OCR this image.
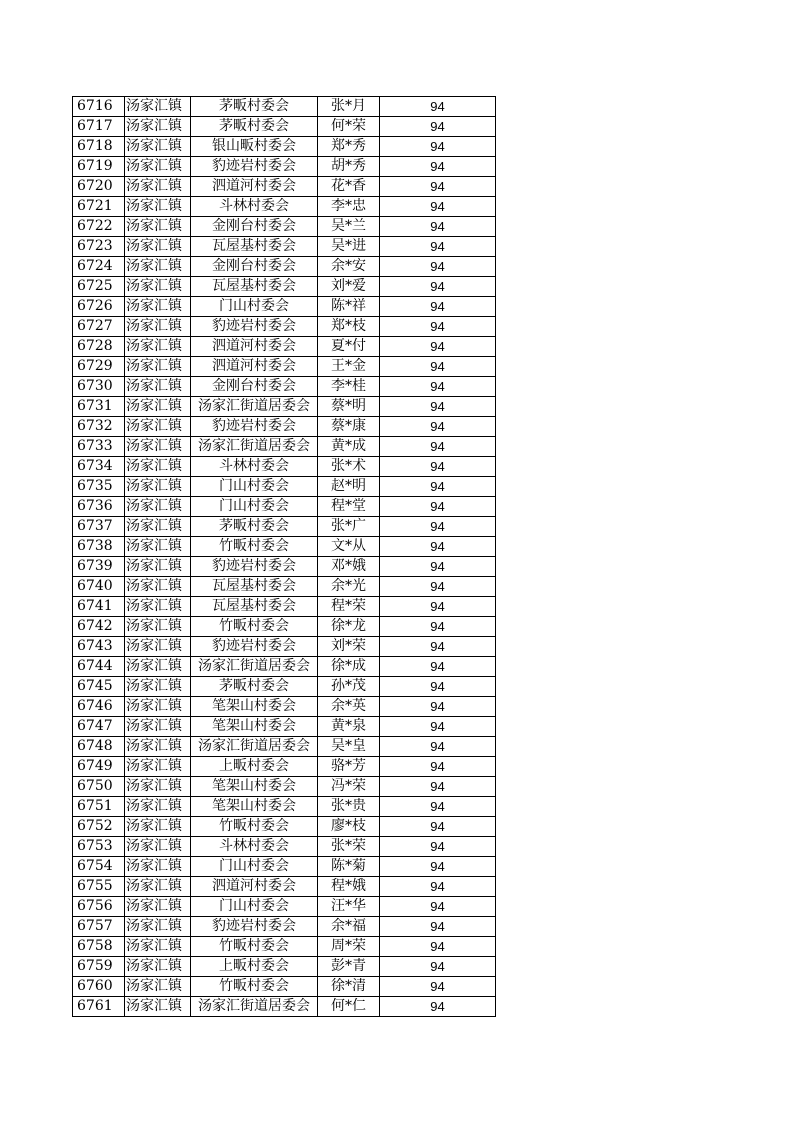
6716	汤家汇镇	茅畈村委会	张*月	94
6717	汤家汇镇	茅畈村委会	何*荣	94
6718	汤家汇镇	银山畈村委会	郑*秀	94
6719	汤家汇镇	豹迹岩村委会	胡*秀	94
6720	汤家汇镇	泗道河村委会	花*香	94
6721	汤家汇镇	斗林村委会	李*忠	94
6722	汤家汇镇	金刚台村委会	吴*兰	94
6723	汤家汇镇	瓦屋基村委会	吴*进	94
6724	汤家汇镇	金刚台村委会	余*安	94
6725	汤家汇镇	瓦屋基村委会	刘*爱	94
6726	汤家汇镇	门山村委会	陈*祥	94
6727	汤家汇镇	豹迹岩村委会	郑*枝	94
6728	汤家汇镇	泗道河村委会	夏*付	94
6729	汤家汇镇	泗道河村委会	王*金	94
6730	汤家汇镇	金刚台村委会	李*桂	94
6731	汤家汇镇	汤家汇街道居委会	蔡*明	94
6732	汤家汇镇	豹迹岩村委会	蔡*康	94
6733	汤家汇镇	汤家汇街道居委会	黄*成	94
6734	汤家汇镇	斗林村委会	张*术	94
6735	汤家汇镇	门山村委会	赵*明	94
6736	汤家汇镇	门山村委会	程*堂	94
6737	汤家汇镇	茅畈村委会	张*广	94
6738	汤家汇镇	竹畈村委会	文*从	94
6739	汤家汇镇	豹迹岩村委会	邓*娥	94
6740	汤家汇镇	瓦屋基村委会	余*光	94
6741	汤家汇镇	瓦屋基村委会	程*荣	94
6742	汤家汇镇	竹畈村委会	徐*龙	94
6743	汤家汇镇	豹迹岩村委会	刘*荣	94
6744	汤家汇镇	汤家汇街道居委会	徐*成	94
6745	汤家汇镇	茅畈村委会	孙*茂	94
6746	汤家汇镇	笔架山村委会	余*英	94
6747	汤家汇镇	笔架山村委会	黄*泉	94
6748	汤家汇镇	汤家汇街道居委会	吴*皇	94
6749	汤家汇镇	上畈村委会	骆*芳	94
6750	汤家汇镇	笔架山村委会	冯*荣	94
6751	汤家汇镇	笔架山村委会	张*贵	94
6752	汤家汇镇	竹畈村委会	廖*枝	94
6753	汤家汇镇	斗林村委会	张*荣	94
6754	汤家汇镇	门山村委会	陈*菊	94
6755	汤家汇镇	泗道河村委会	程*娥	94
6756	汤家汇镇	门山村委会	汪*华	94
6757	汤家汇镇	豹迹岩村委会	余*福	94
6758	汤家汇镇	竹畈村委会	周*荣	94
6759	汤家汇镇	上畈村委会	彭*青	94
6760	汤家汇镇	竹畈村委会	徐*清	94
6761	汤家汇镇	汤家汇街道居委会	何*仁	94
